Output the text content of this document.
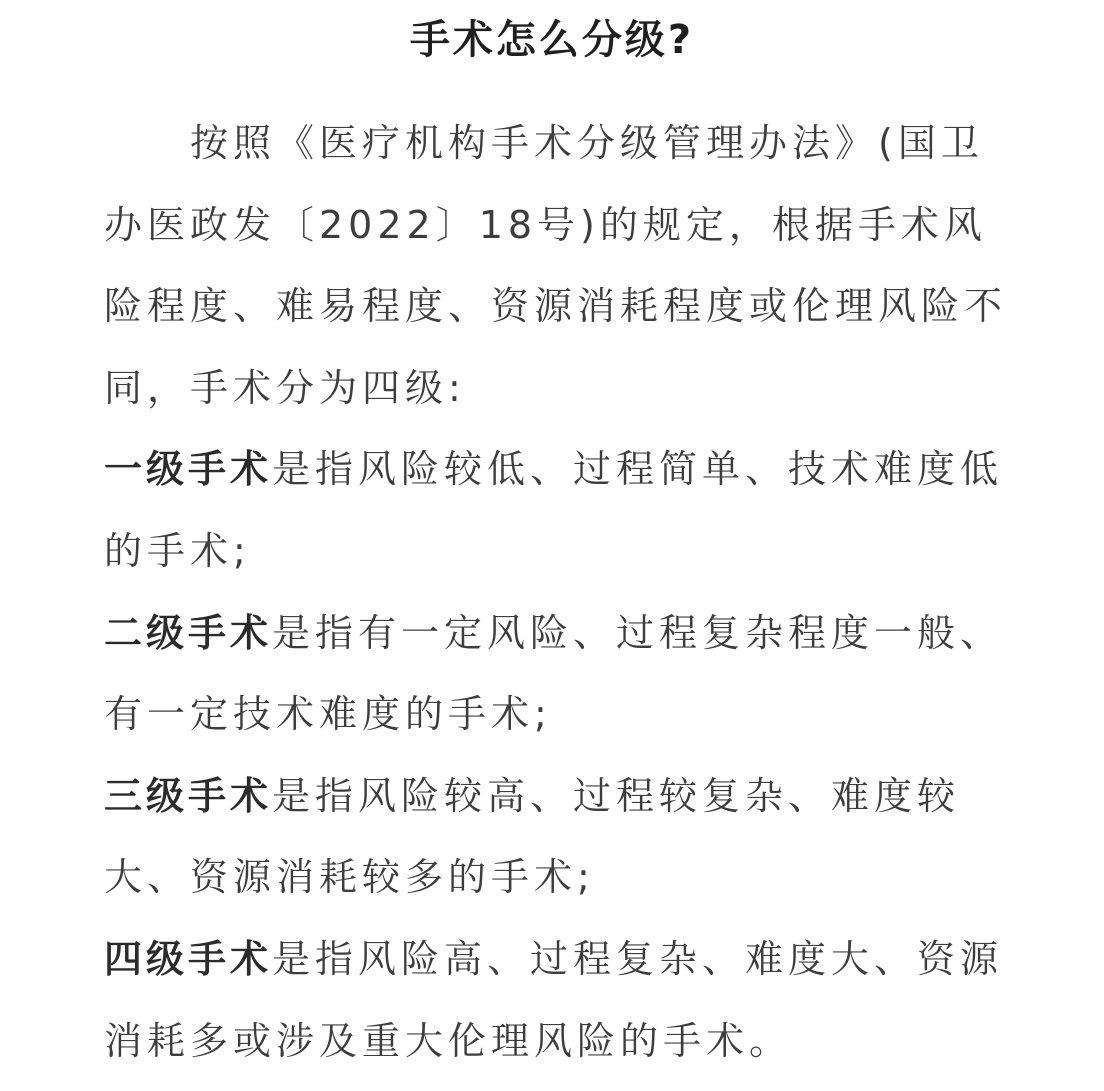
手术怎么分级?

按照《医疗机构手术分级管理办法》(国卫办医政发〔2022〕18号)的规定，根据手术风险程度、难易程度、资源消耗程度或伦理风险不同，手术分为四级:

一级手术是指风险较低、过程简单、技术难度低的手术;

二级手术是指有一定风险、过程复杂程度一般、有一定技术难度的手术;

三级手术是指风险较高、过程较复杂、难度较大、资源消耗较多的手术;

四级手术是指风险高、过程复杂、难度大、资源消耗多或涉及重大伦理风险的手术。
